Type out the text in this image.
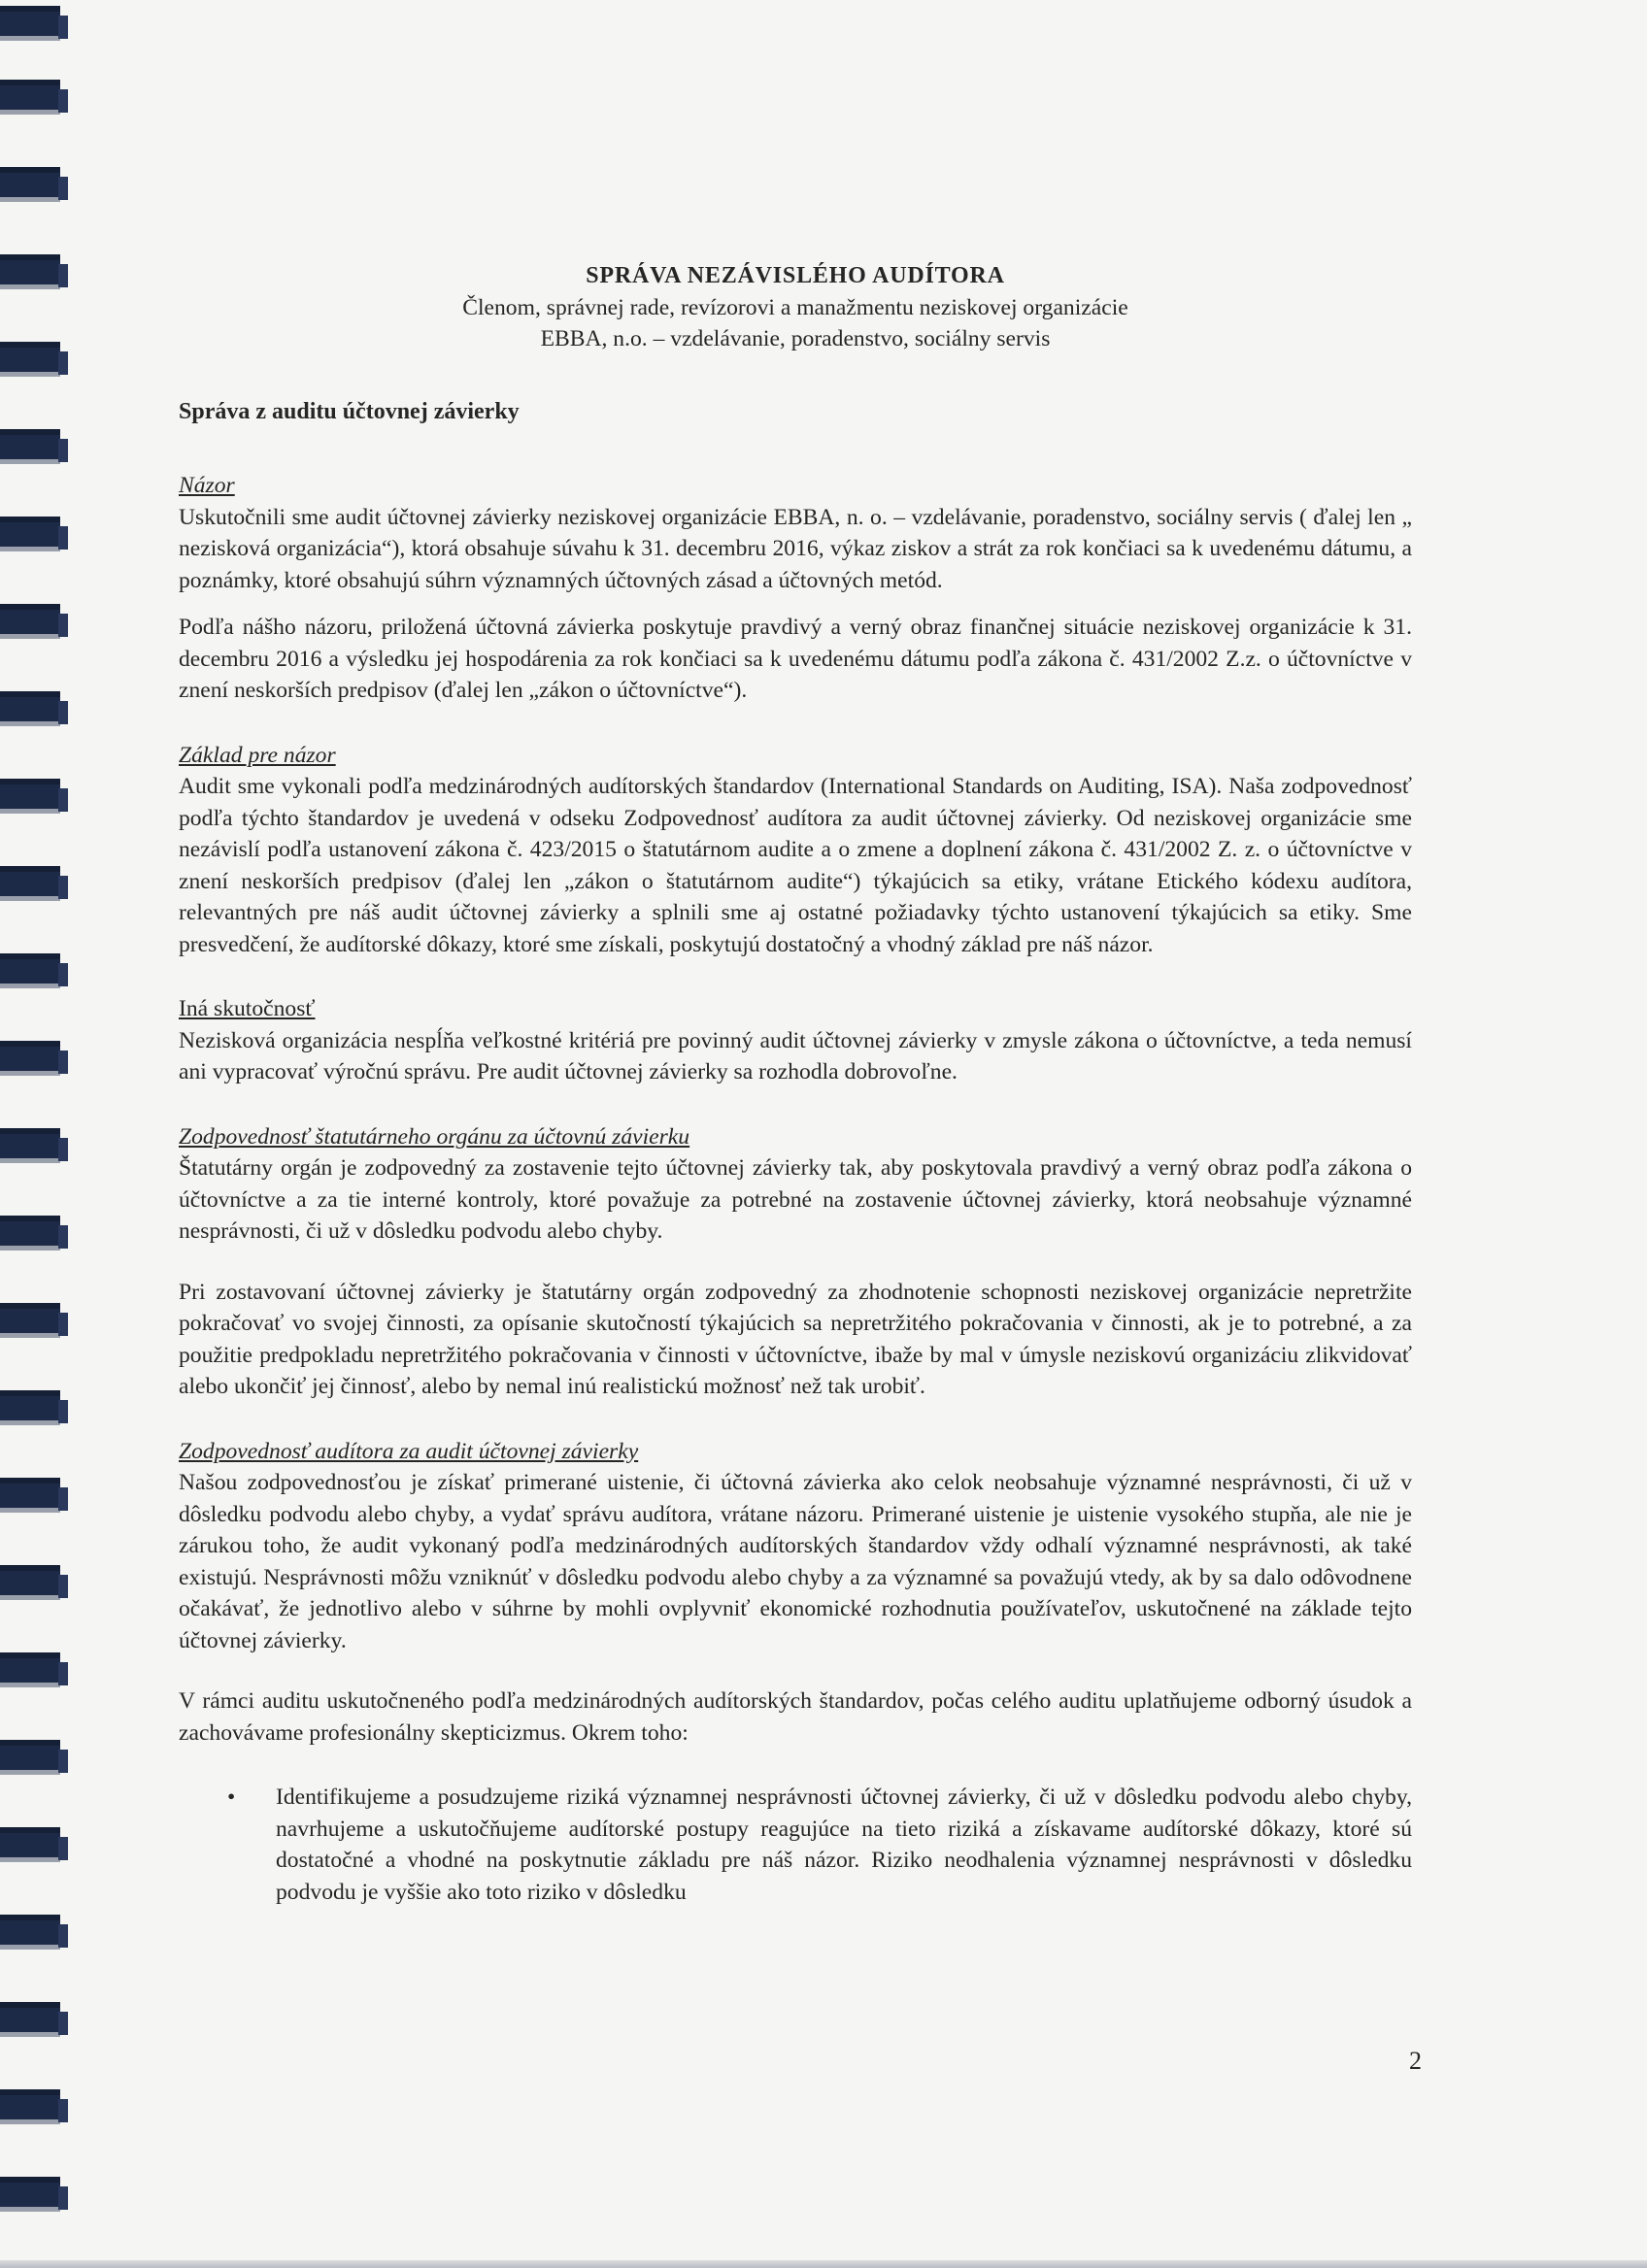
SPRÁVA NEZÁVISLÉHO AUDÍTORA

Členom, správnej rade, revízorovi a manažmentu neziskovej organizácie

EBBA, n.o. – vzdelávanie, poradenstvo, sociálny servis

Správa z auditu účtovnej závierky

Názor

Uskutočnili sme audit účtovnej závierky neziskovej organizácie EBBA, n. o. – vzdelávanie, poradenstvo, sociálny servis ( ďalej len „ nezisková organizácia“), ktorá obsahuje súvahu k 31. decembru 2016, výkaz ziskov a strát za rok končiaci sa k uvedenému dátumu, a poznámky, ktoré obsahujú súhrn významných účtovných zásad a účtovných metód.

Podľa nášho názoru, priložená účtovná závierka poskytuje pravdivý a verný obraz finančnej situácie neziskovej organizácie k 31. decembru 2016 a výsledku jej hospodárenia za rok končiaci sa k uvedenému dátumu podľa zákona č. 431/2002 Z.z. o účtovníctve v znení neskorších predpisov (ďalej len „zákon o účtovníctve“).

Základ pre názor

Audit sme vykonali podľa medzinárodných audítorských štandardov (International Standards on Auditing, ISA). Naša zodpovednosť podľa týchto štandardov je uvedená v odseku Zodpovednosť audítora za audit účtovnej závierky. Od neziskovej organizácie sme nezávislí podľa ustanovení zákona č. 423/2015 o štatutárnom audite a o zmene a doplnení zákona č. 431/2002 Z. z. o účtovníctve v znení neskorších predpisov (ďalej len „zákon o štatutárnom audite“) týkajúcich sa etiky, vrátane Etického kódexu audítora, relevantných pre náš audit účtovnej závierky a splnili sme aj ostatné požiadavky týchto ustanovení týkajúcich sa etiky. Sme presvedčení, že audítorské dôkazy, ktoré sme získali, poskytujú dostatočný a vhodný základ pre náš názor.

Iná skutočnosť

Nezisková organizácia nespĺňa veľkostné kritériá pre povinný audit účtovnej závierky v zmysle zákona o účtovníctve, a teda nemusí ani vypracovať výročnú správu. Pre audit účtovnej závierky sa rozhodla dobrovoľne.

Zodpovednosť štatutárneho orgánu za účtovnú závierku

Štatutárny orgán je zodpovedný za zostavenie tejto účtovnej závierky tak, aby poskytovala pravdivý a verný obraz podľa zákona o účtovníctve a za tie interné kontroly, ktoré považuje za potrebné na zostavenie účtovnej závierky, ktorá neobsahuje významné nesprávnosti, či už v dôsledku podvodu alebo chyby.

Pri zostavovaní účtovnej závierky je štatutárny orgán zodpovedný za zhodnotenie schopnosti neziskovej organizácie nepretržite pokračovať vo svojej činnosti, za opísanie skutočností týkajúcich sa nepretržitého pokračovania v činnosti, ak je to potrebné, a za použitie predpokladu nepretržitého pokračovania v činnosti v účtovníctve, ibaže by mal v úmysle neziskovú organizáciu zlikvidovať alebo ukončiť jej činnosť, alebo by nemal inú realistickú možnosť než tak urobiť.

Zodpovednosť audítora za audit účtovnej závierky

Našou zodpovednosťou je získať primerané uistenie, či účtovná závierka ako celok neobsahuje významné nesprávnosti, či už v dôsledku podvodu alebo chyby, a vydať správu audítora, vrátane názoru. Primerané uistenie je uistenie vysokého stupňa, ale nie je zárukou toho, že audit vykonaný podľa medzinárodných audítorských štandardov vždy odhalí významné nesprávnosti, ak také existujú. Nesprávnosti môžu vzniknúť v dôsledku podvodu alebo chyby a za významné sa považujú vtedy, ak by sa dalo odôvodnene očakávať, že jednotlivo alebo v súhrne by mohli ovplyvniť ekonomické rozhodnutia používateľov, uskutočnené na základe tejto účtovnej závierky.

V rámci auditu uskutočneného podľa medzinárodných audítorských štandardov, počas celého auditu uplatňujeme odborný úsudok a zachovávame profesionálny skepticizmus. Okrem toho:

• Identifikujeme a posudzujeme riziká významnej nesprávnosti účtovnej závierky, či už v dôsledku podvodu alebo chyby, navrhujeme a uskutočňujeme audítorské postupy reagujúce na tieto riziká a získavame audítorské dôkazy, ktoré sú dostatočné a vhodné na poskytnutie základu pre náš názor. Riziko neodhalenia významnej nesprávnosti v dôsledku podvodu je vyššie ako toto riziko v dôsledku
2
